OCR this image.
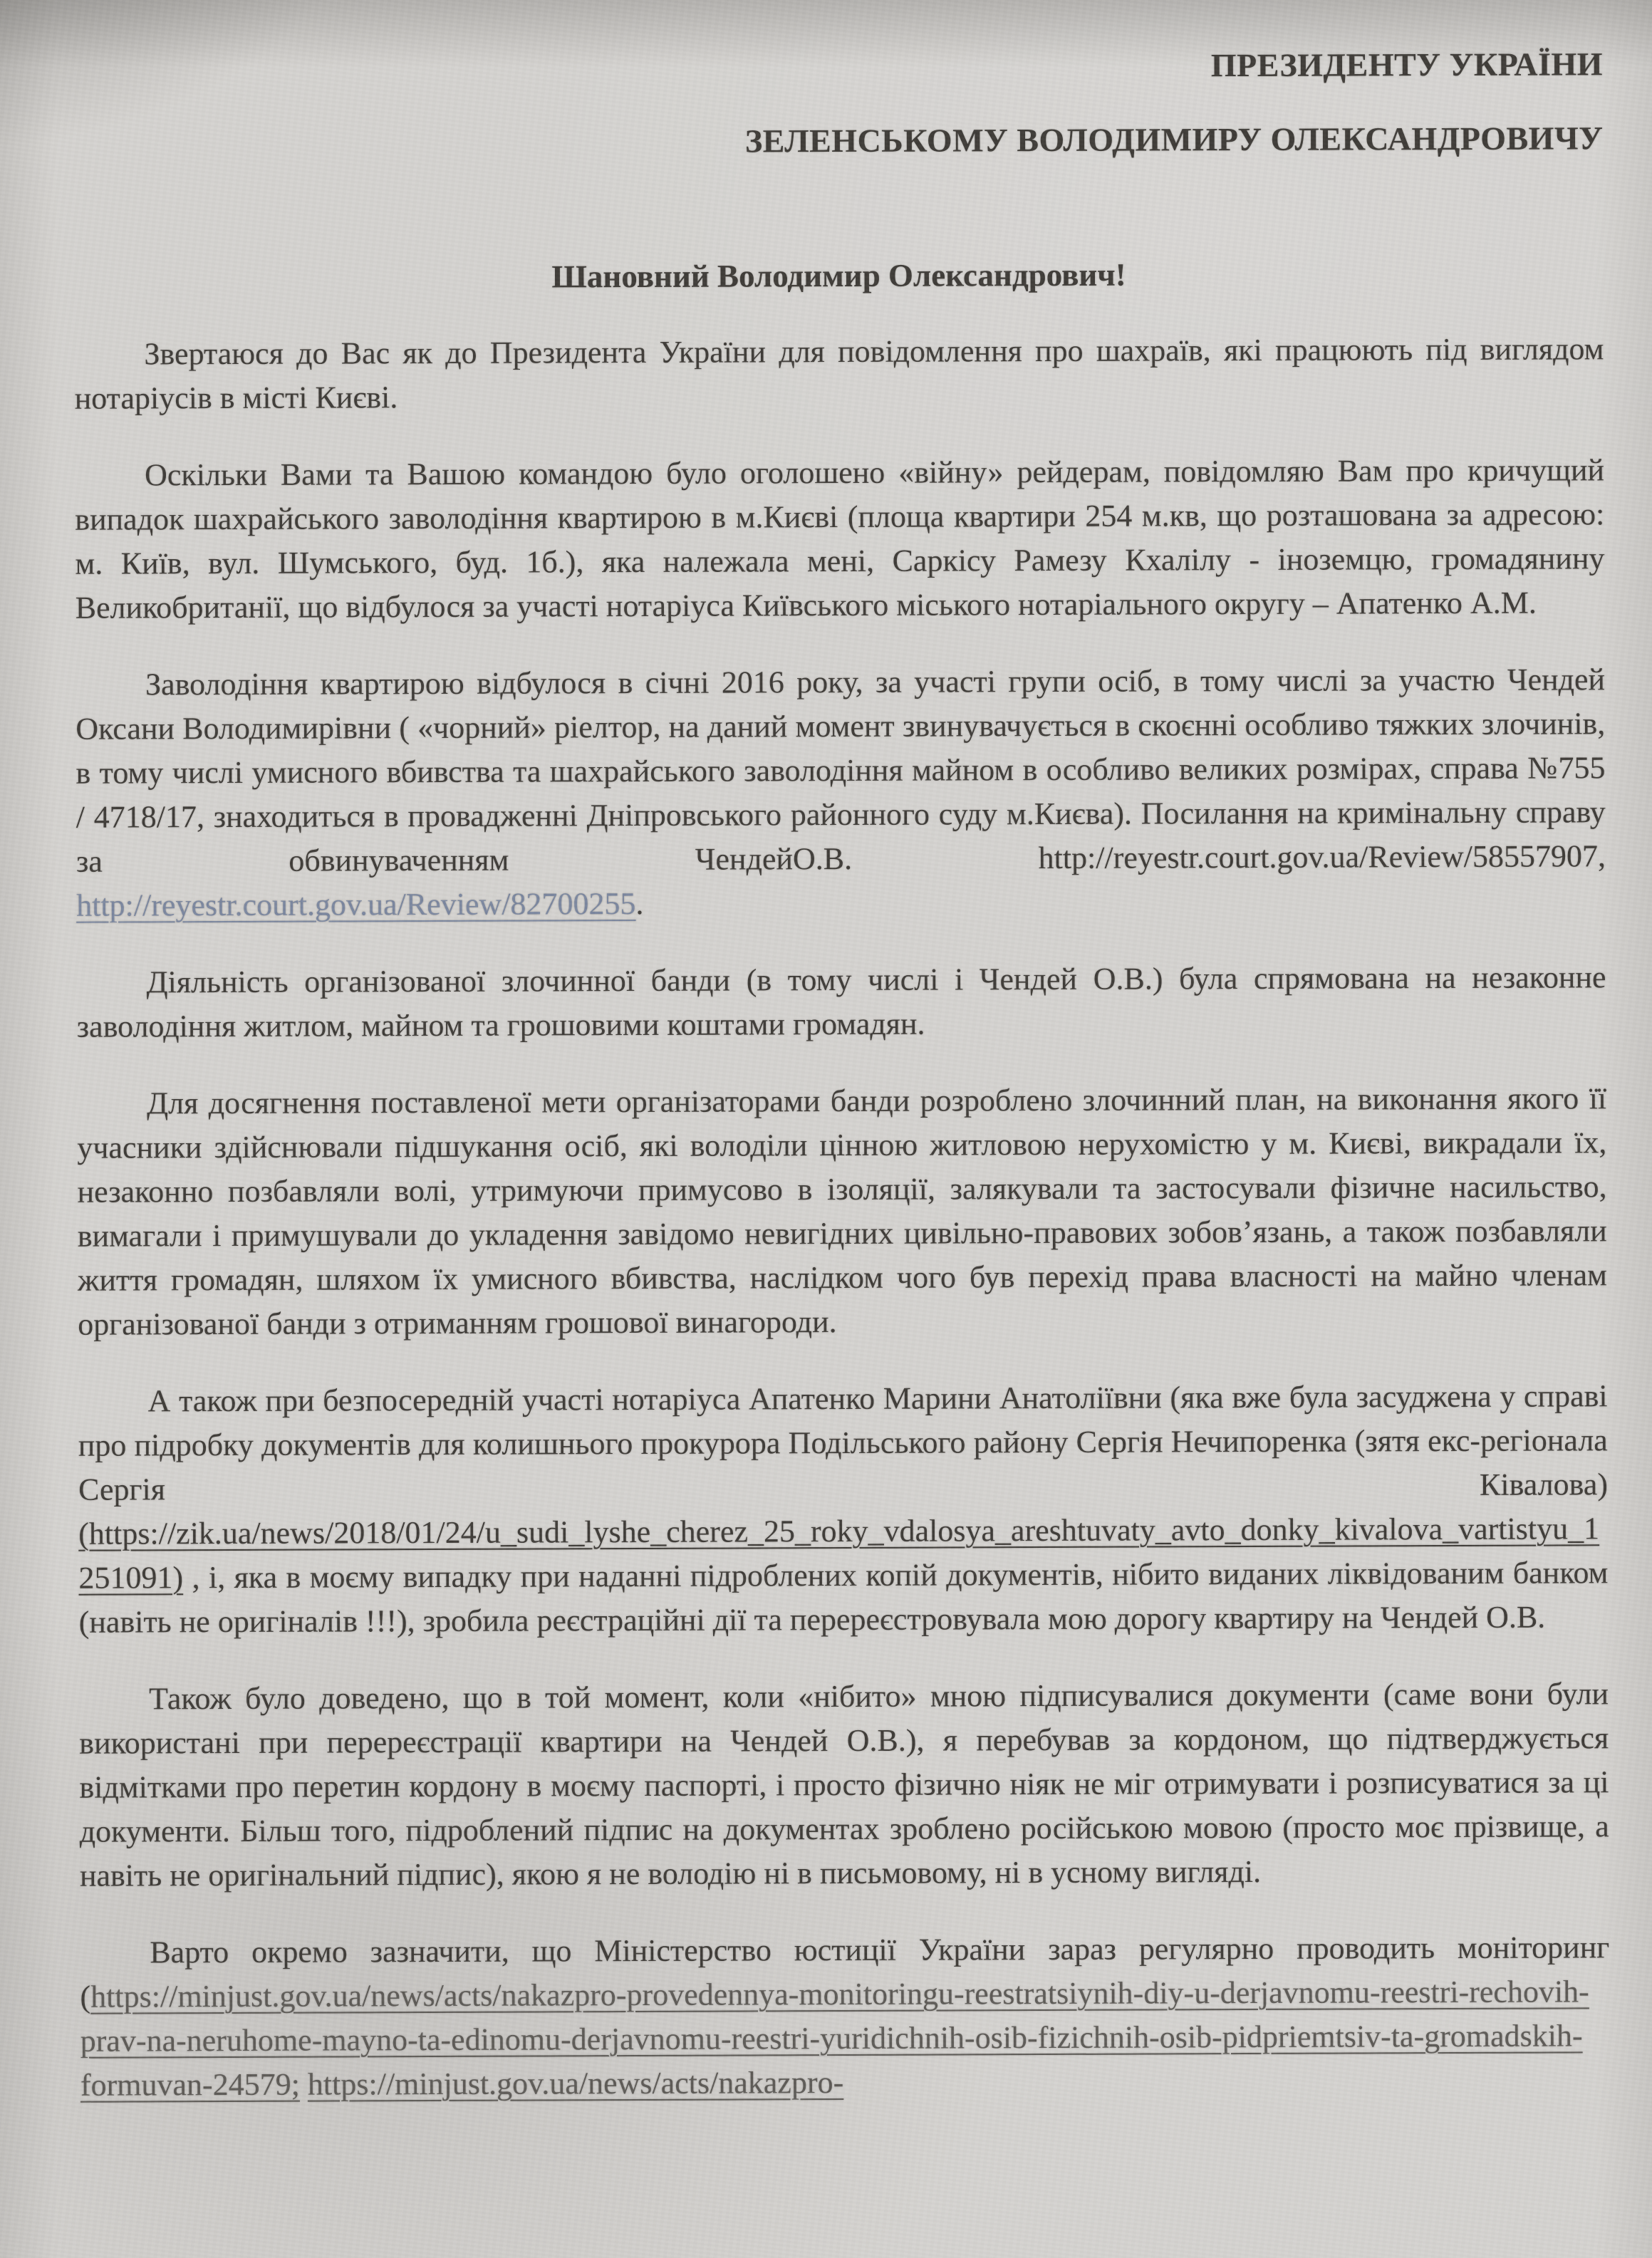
ПРЕЗИДЕНТУ УКРАЇНИ
ЗЕЛЕНСЬКОМУ ВОЛОДИМИРУ ОЛЕКСАНДРОВИЧУ
Шановний Володимир Олександрович!

Звертаюся до Вас як до Президента України для повідомлення про шахраїв, які працюють під виглядом нотаріусів в місті Києві.

Оскільки Вами та Вашою командою було оголошено «війну» рейдерам, повідомляю Вам про кричущий випадок шахрайського заволодіння квартирою в м.Києві (площа квартири 254 м.кв, що розташована за адресою: м. Київ, вул. Шумського, буд. 1б.), яка належала мені, Саркісу Рамезу Кхалілу - іноземцю, громадянину Великобританії, що відбулося за участі нотаріуса Київського міського нотаріального округу – Апатенко А.М.

Заволодіння квартирою відбулося в січні 2016 року, за участі групи осіб, в тому числі за участю Чендей Оксани Володимирівни ( «чорний» ріелтор, на даний момент звинувачується в скоєнні особливо тяжких злочинів, в тому числі умисного вбивства та шахрайського заволодіння майном в особливо великих розмірах, справа №755 / 4718/17, знаходиться в провадженні Дніпровського районного суду м.Києва). Посилання на кримінальну справу за обвинуваченням ЧендейО.В. http://reyestr.court.gov.ua/Review/58557907, http://reyestr.court.gov.ua/Review/82700255.

Діяльність організованої злочинної банди (в тому числі і Чендей О.В.) була спрямована на незаконне заволодіння житлом, майном та грошовими коштами громадян.

Для досягнення поставленої мети організаторами банди розроблено злочинний план, на виконання якого її учасники здійснювали підшукання осіб, які володіли цінною житловою нерухомістю у м. Києві, викрадали їх, незаконно позбавляли волі, утримуючи примусово в ізоляції, залякували та застосували фізичне насильство, вимагали і примушували до укладення завідомо невигідних цивільно-правових зобов’язань, а також позбавляли життя громадян, шляхом їх умисного вбивства, наслідком чого був перехід права власності на майно членам організованої банди з отриманням грошової винагороди.

А також при безпосередній участі нотаріуса Апатенко Марини Анатоліївни (яка вже була засуджена у справі про підробку документів для колишнього прокурора Подільського району Сергія Нечипоренка (зятя екс-регіонала Сергія Ківалова) (https://zik.ua/news/2018/01/24/u_sudi_lyshe_cherez_25_roky_vdalosya_areshtuvaty_avto_donky_kivalova_vartistyu_1251091) , і, яка в моєму випадку при наданні підроблених копій документів, нібито виданих ліквідованим банком (навіть не оригіналів !!!), зробила реєстраційні дії та перереєстровувала мою дорогу квартиру на Чендей О.В.

Також було доведено, що в той момент, коли «нібито» мною підписувалися документи (саме вони були використані при перереєстрації квартири на Чендей О.В.), я перебував за кордоном, що підтверджується відмітками про перетин кордону в моєму паспорті, і просто фізично ніяк не міг отримувати і розписуватися за ці документи. Більш того, підроблений підпис на документах зроблено російською мовою (просто моє прізвище, а навіть не оригінальний підпис), якою я не володію ні в письмовому, ні в усному вигляді.

Варто окремо зазначити, що Міністерство юстиції України зараз регулярно проводить моніторинг (https://minjust.gov.ua/news/acts/nakazpro-provedennya-monitoringu-reestratsiynih-diy-u-derjavnomu-reestri-rechovih-prav-na-neruhome-mayno-ta-edinomu-derjavnomu-reestri-yuridichnih-osib-fizichnih-osib-pidpriemtsiv-ta-gromadskih-formuvan-24579; https://minjust.gov.ua/news/acts/nakazpro-
